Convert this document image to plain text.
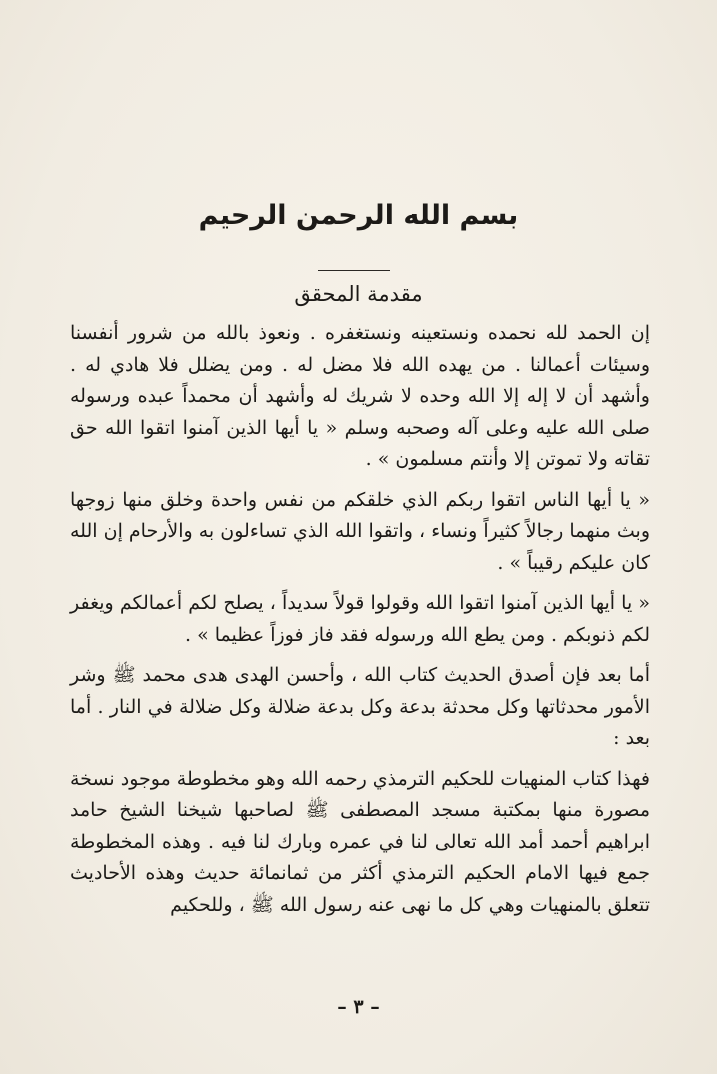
بسم الله الرحمن الرحيم
مقدمة المحقق

إن الحمد لله نحمده ونستعينه ونستغفره . ونعوذ بالله من شرور أنفسنا وسيئات أعمالنا . من يهده الله فلا مضل له . ومن يضلل فلا هادي له . وأشهد أن لا إله إلا الله وحده لا شريك له وأشهد أن محمداً عبده ورسوله صلى الله عليه وعلى آله وصحبه وسلم « يا أيها الذين آمنوا اتقوا الله حق تقاته ولا تموتن إلا وأنتم مسلمون » .

« يا أيها الناس اتقوا ربكم الذي خلقكم من نفس واحدة وخلق منها زوجها وبث منهما رجالاً كثيراً ونساء ، واتقوا الله الذي تساءلون به والأرحام إن الله كان عليكم رقيباً » .

« يا أيها الذين آمنوا اتقوا الله وقولوا قولاً سديداً ، يصلح لكم أعمالكم ويغفر لكم ذنوبكم . ومن يطع الله ورسوله فقد فاز فوزاً عظيما » .

أما بعد فإن أصدق الحديث كتاب الله ، وأحسن الهدى هدى محمد ﷺ وشر الأمور محدثاتها وكل محدثة بدعة وكل بدعة ضلالة وكل ضلالة في النار . أما بعد :

فهذا كتاب المنهيات للحكيم الترمذي رحمه الله وهو مخطوطة موجود نسخة مصورة منها بمكتبة مسجد المصطفى ﷺ لصاحبها شيخنا الشيخ حامد ابراهيم أحمد أمد الله تعالى لنا في عمره وبارك لنا فيه . وهذه المخطوطة جمع فيها الامام الحكيم الترمذي أكثر من ثمانمائة حديث وهذه الأحاديث تتعلق بالمنهيات وهي كل ما نهى عنه رسول الله ﷺ ، وللحكيم

– ٣ –
